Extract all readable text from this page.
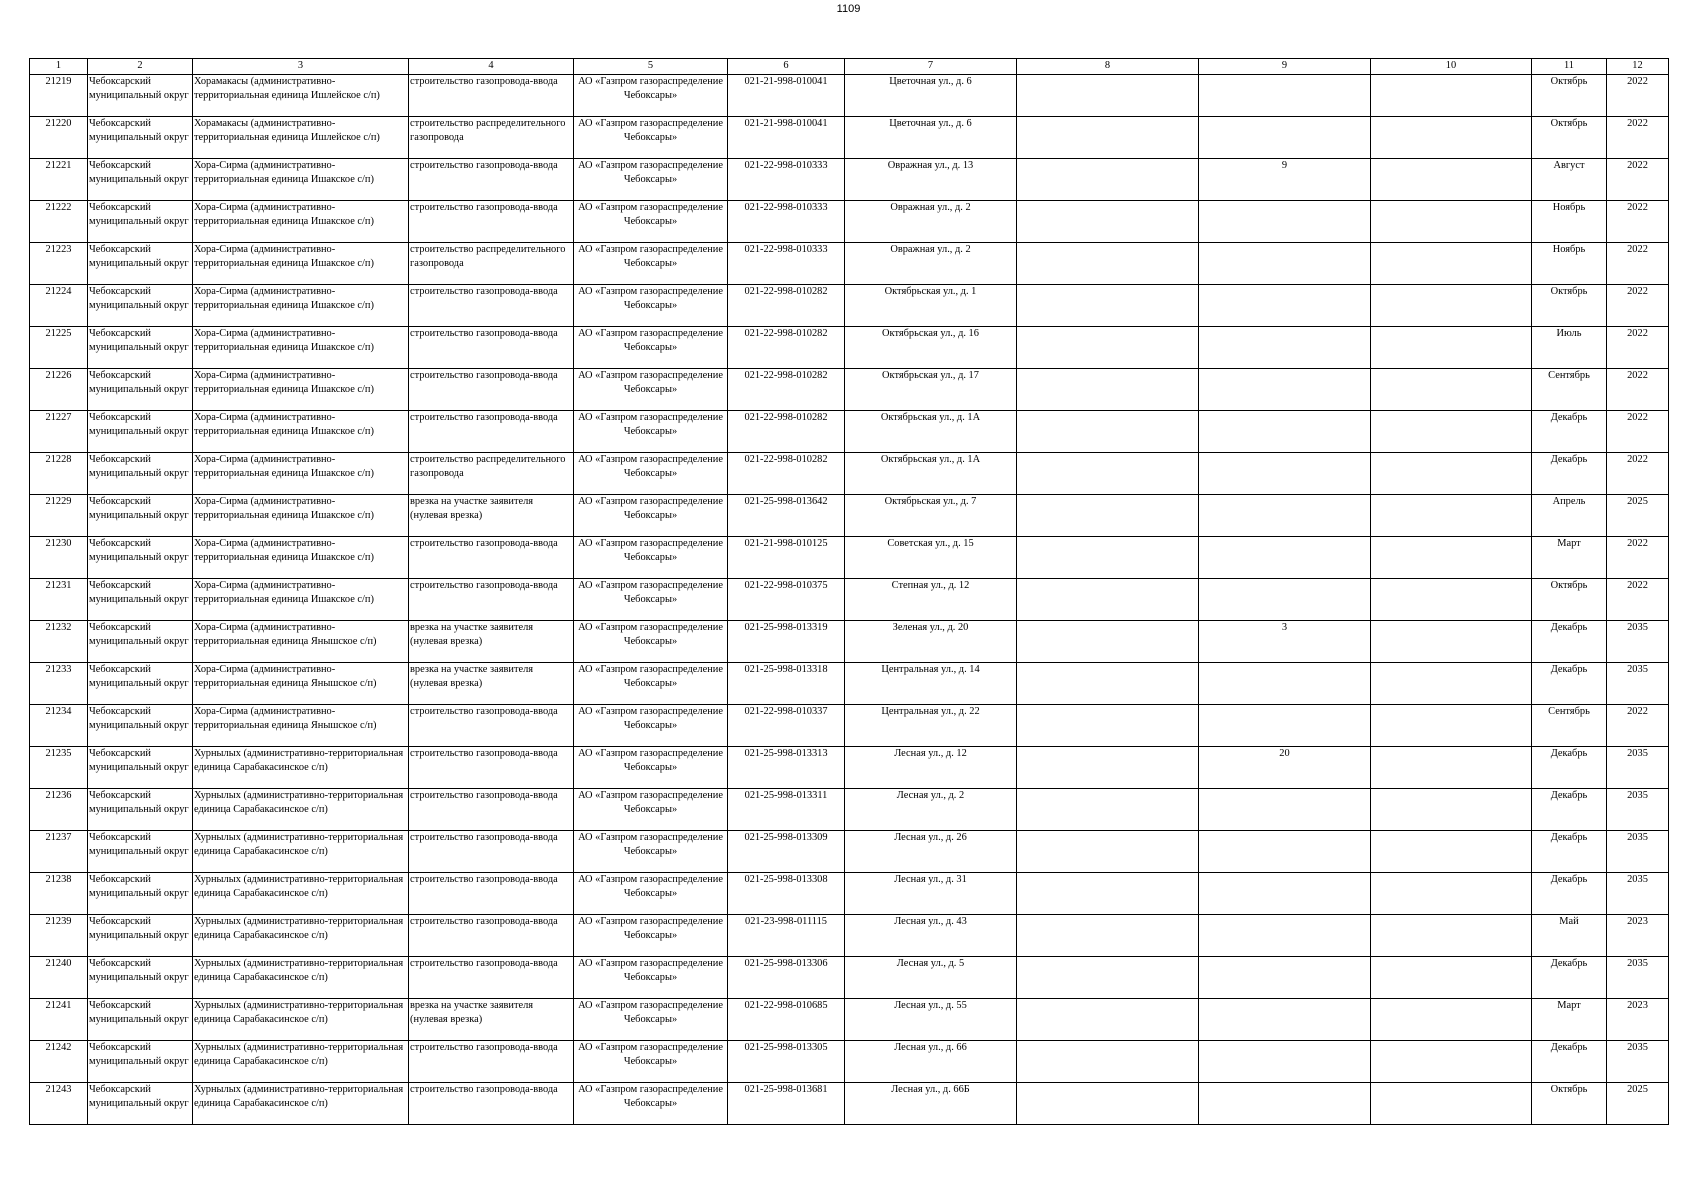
1109
1	2	3	4	5	6	7	8	9	10	11	12
21219	Чебоксарский муниципальный округ	Хорамакасы (административно-территориальная единица Ишлейское с/п)	строительство газопровода-ввода	АО «Газпром газораспределение Чебоксары»	021-21-998-010041	Цветочная ул., д. 6				Октябрь	2022
21220	Чебоксарский муниципальный округ	Хорамакасы (административно-территориальная единица Ишлейское с/п)	строительство распределительного газопровода	АО «Газпром газораспределение Чебоксары»	021-21-998-010041	Цветочная ул., д. 6				Октябрь	2022
21221	Чебоксарский муниципальный округ	Хора-Сирма (административно-территориальная единица Ишакское с/п)	строительство газопровода-ввода	АО «Газпром газораспределение Чебоксары»	021-22-998-010333	Овражная ул., д. 13		9		Август	2022
21222	Чебоксарский муниципальный округ	Хора-Сирма (административно-территориальная единица Ишакское с/п)	строительство газопровода-ввода	АО «Газпром газораспределение Чебоксары»	021-22-998-010333	Овражная ул., д. 2				Ноябрь	2022
21223	Чебоксарский муниципальный округ	Хора-Сирма (административно-территориальная единица Ишакское с/п)	строительство распределительного газопровода	АО «Газпром газораспределение Чебоксары»	021-22-998-010333	Овражная ул., д. 2				Ноябрь	2022
21224	Чебоксарский муниципальный округ	Хора-Сирма (административно-территориальная единица Ишакское с/п)	строительство газопровода-ввода	АО «Газпром газораспределение Чебоксары»	021-22-998-010282	Октябрьская ул., д. 1				Октябрь	2022
21225	Чебоксарский муниципальный округ	Хора-Сирма (административно-территориальная единица Ишакское с/п)	строительство газопровода-ввода	АО «Газпром газораспределение Чебоксары»	021-22-998-010282	Октябрьская ул., д. 16				Июль	2022
21226	Чебоксарский муниципальный округ	Хора-Сирма (административно-территориальная единица Ишакское с/п)	строительство газопровода-ввода	АО «Газпром газораспределение Чебоксары»	021-22-998-010282	Октябрьская ул., д. 17				Сентябрь	2022
21227	Чебоксарский муниципальный округ	Хора-Сирма (административно-территориальная единица Ишакское с/п)	строительство газопровода-ввода	АО «Газпром газораспределение Чебоксары»	021-22-998-010282	Октябрьская ул., д. 1А				Декабрь	2022
21228	Чебоксарский муниципальный округ	Хора-Сирма (административно-территориальная единица Ишакское с/п)	строительство распределительного газопровода	АО «Газпром газораспределение Чебоксары»	021-22-998-010282	Октябрьская ул., д. 1А				Декабрь	2022
21229	Чебоксарский муниципальный округ	Хора-Сирма (административно-территориальная единица Ишакское с/п)	врезка на участке заявителя (нулевая врезка)	АО «Газпром газораспределение Чебоксары»	021-25-998-013642	Октябрьская ул., д. 7				Апрель	2025
21230	Чебоксарский муниципальный округ	Хора-Сирма (административно-территориальная единица Ишакское с/п)	строительство газопровода-ввода	АО «Газпром газораспределение Чебоксары»	021-21-998-010125	Советская ул., д. 15				Март	2022
21231	Чебоксарский муниципальный округ	Хора-Сирма (административно-территориальная единица Ишакское с/п)	строительство газопровода-ввода	АО «Газпром газораспределение Чебоксары»	021-22-998-010375	Степная ул., д. 12				Октябрь	2022
21232	Чебоксарский муниципальный округ	Хора-Сирма (административно-территориальная единица Янышское с/п)	врезка на участке заявителя (нулевая врезка)	АО «Газпром газораспределение Чебоксары»	021-25-998-013319	Зеленая ул., д. 20		3		Декабрь	2035
21233	Чебоксарский муниципальный округ	Хора-Сирма (административно-территориальная единица Янышское с/п)	врезка на участке заявителя (нулевая врезка)	АО «Газпром газораспределение Чебоксары»	021-25-998-013318	Центральная ул., д. 14				Декабрь	2035
21234	Чебоксарский муниципальный округ	Хора-Сирма (административно-территориальная единица Янышское с/п)	строительство газопровода-ввода	АО «Газпром газораспределение Чебоксары»	021-22-998-010337	Центральная ул., д. 22				Сентябрь	2022
21235	Чебоксарский муниципальный округ	Хурнылых (административно-территориальная единица Сарабакасинское с/п)	строительство газопровода-ввода	АО «Газпром газораспределение Чебоксары»	021-25-998-013313	Лесная ул., д. 12		20		Декабрь	2035
21236	Чебоксарский муниципальный округ	Хурнылых (административно-территориальная единица Сарабакасинское с/п)	строительство газопровода-ввода	АО «Газпром газораспределение Чебоксары»	021-25-998-013311	Лесная ул., д. 2				Декабрь	2035
21237	Чебоксарский муниципальный округ	Хурнылых (административно-территориальная единица Сарабакасинское с/п)	строительство газопровода-ввода	АО «Газпром газораспределение Чебоксары»	021-25-998-013309	Лесная ул., д. 26				Декабрь	2035
21238	Чебоксарский муниципальный округ	Хурнылых (административно-территориальная единица Сарабакасинское с/п)	строительство газопровода-ввода	АО «Газпром газораспределение Чебоксары»	021-25-998-013308	Лесная ул., д. 31				Декабрь	2035
21239	Чебоксарский муниципальный округ	Хурнылых (административно-территориальная единица Сарабакасинское с/п)	строительство газопровода-ввода	АО «Газпром газораспределение Чебоксары»	021-23-998-011115	Лесная ул., д. 43				Май	2023
21240	Чебоксарский муниципальный округ	Хурнылых (административно-территориальная единица Сарабакасинское с/п)	строительство газопровода-ввода	АО «Газпром газораспределение Чебоксары»	021-25-998-013306	Лесная ул., д. 5				Декабрь	2035
21241	Чебоксарский муниципальный округ	Хурнылых (административно-территориальная единица Сарабакасинское с/п)	врезка на участке заявителя (нулевая врезка)	АО «Газпром газораспределение Чебоксары»	021-22-998-010685	Лесная ул., д. 55				Март	2023
21242	Чебоксарский муниципальный округ	Хурнылых (административно-территориальная единица Сарабакасинское с/п)	строительство газопровода-ввода	АО «Газпром газораспределение Чебоксары»	021-25-998-013305	Лесная ул., д. 66				Декабрь	2035
21243	Чебоксарский муниципальный округ	Хурнылых (административно-территориальная единица Сарабакасинское с/п)	строительство газопровода-ввода	АО «Газпром газораспределение Чебоксары»	021-25-998-013681	Лесная ул., д. 66Б				Октябрь	2025
